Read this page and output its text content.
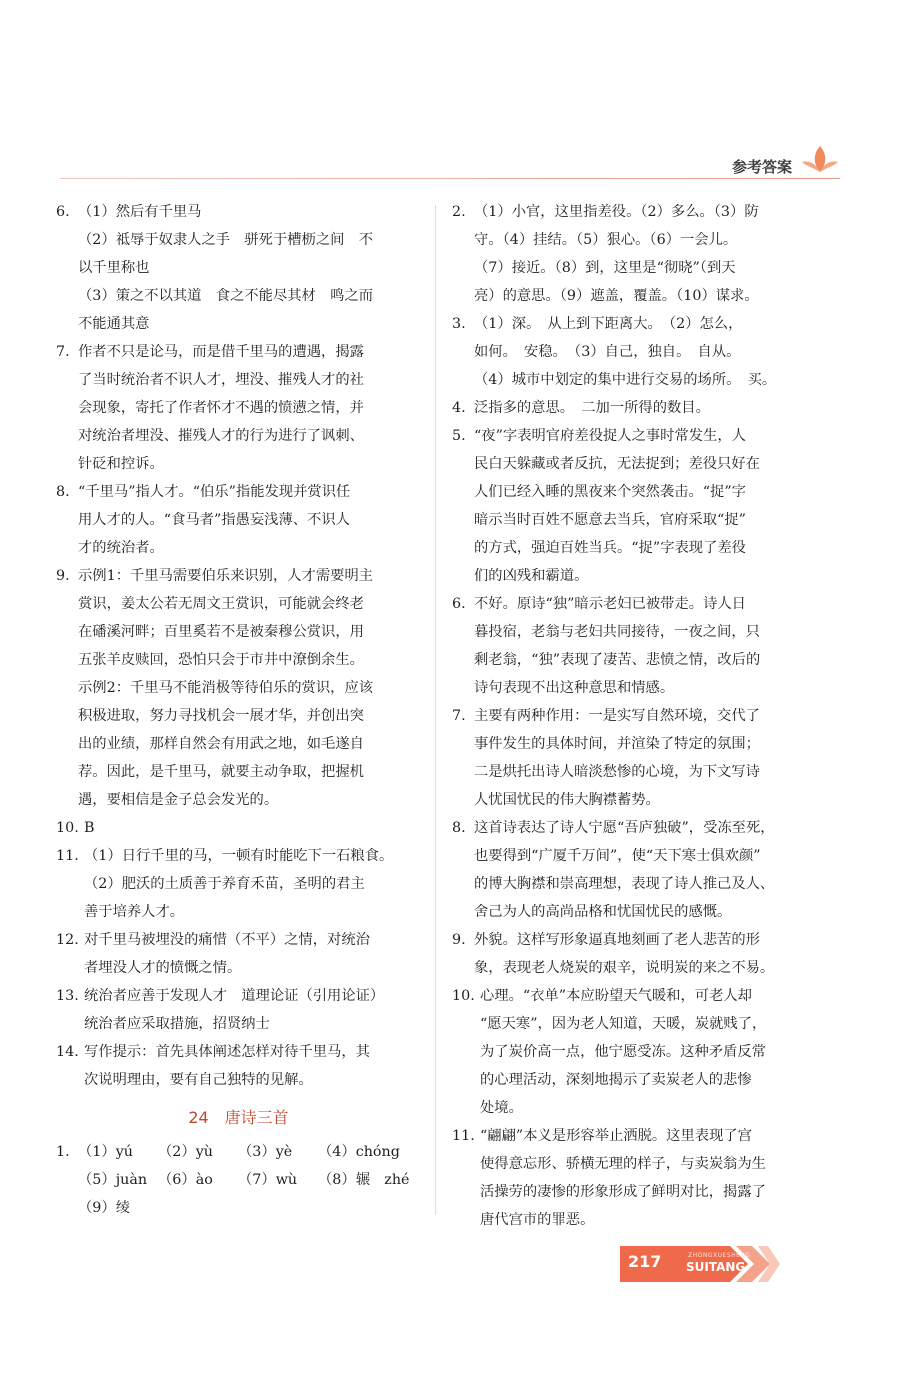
参考答案
6. （1）然后有千里马
（2）祗辱于奴隶人之手　骈死于槽枥之间　不
以千里称也
（3）策之不以其道　食之不能尽其材　鸣之而
不能通其意
7. 作者不只是论马，而是借千里马的遭遇，揭露
了当时统治者不识人才，埋没、摧残人才的社
会现象，寄托了作者怀才不遇的愤懑之情，并
对统治者埋没、摧残人才的行为进行了讽刺、
针砭和控诉。
8. “千里马”指人才。“伯乐”指能发现并赏识任
用人才的人。“食马者”指愚妄浅薄、不识人
才的统治者。
9. 示例1：千里马需要伯乐来识别，人才需要明主
赏识，姜太公若无周文王赏识，可能就会终老
在磻溪河畔；百里奚若不是被秦穆公赏识，用
五张羊皮赎回，恐怕只会于市井中潦倒余生。
示例2：千里马不能消极等待伯乐的赏识，应该
积极进取，努力寻找机会一展才华，并创出突
出的业绩，那样自然会有用武之地，如毛遂自
荐。因此，是千里马，就要主动争取，把握机
遇，要相信是金子总会发光的。
10. B
11. （1）日行千里的马，一顿有时能吃下一石粮食。
（2）肥沃的土质善于养育禾苗，圣明的君主
善于培养人才。
12. 对千里马被埋没的痛惜（不平）之情，对统治
者埋没人才的愤慨之情。
13. 统治者应善于发现人才　道理论证（引用论证）
统治者应采取措施，招贤纳士
14. 写作提示：首先具体阐述怎样对待千里马，其
次说明理由，要有自己独特的见解。
24　唐诗三首
1. （1）yú	（2）yù	（3）yè	（4）chóng
（5）juàn （6）ào	（7）wù	（8）辗　zhé
（9）绫
2. （1）小官，这里指差役。（2）多么。（3）防
守。（4）挂结。（5）狠心。（6）一会儿。
（7）接近。（8）到，这里是“彻晓”（到天
亮）的意思。（9）遮盖，覆盖。（10）谋求。
3. （1）深。　从上到下距离大。　（2）怎么，
如何。　安稳。　（3）自己，独自。　自从。
（4）城市中划定的集中进行交易的场所。　买。
4. 泛指多的意思。　二加一所得的数目。
5. “夜”字表明官府差役捉人之事时常发生，人
民白天躲藏或者反抗，无法捉到；差役只好在
人们已经入睡的黑夜来个突然袭击。“捉”字
暗示当时百姓不愿意去当兵，官府采取“捉”
的方式，强迫百姓当兵。“捉”字表现了差役
们的凶残和霸道。
6. 不好。原诗“独”暗示老妇已被带走。诗人日
暮投宿，老翁与老妇共同接待，一夜之间，只
剩老翁，“独”表现了凄苦、悲愤之情，改后的
诗句表现不出这种意思和情感。
7. 主要有两种作用：一是实写自然环境，交代了
事件发生的具体时间，并渲染了特定的氛围；
二是烘托出诗人暗淡愁惨的心境，为下文写诗
人忧国忧民的伟大胸襟蓄势。
8. 这首诗表达了诗人宁愿“吾庐独破”，受冻至死，
也要得到“广厦千万间”，使“天下寒士俱欢颜”
的博大胸襟和崇高理想，表现了诗人推己及人、
舍己为人的高尚品格和忧国忧民的感慨。
9. 外貌。这样写形象逼真地刻画了老人悲苦的形
象，表现老人烧炭的艰辛，说明炭的来之不易。
10. 心理。“衣单”本应盼望天气暖和，可老人却
“愿天寒”，因为老人知道，天暖，炭就贱了，
为了炭价高一点，他宁愿受冻。这种矛盾反常
的心理活动，深刻地揭示了卖炭老人的悲惨
处境。
11. “翩翩”本义是形容举止洒脱。这里表现了宫
使得意忘形、骄横无理的样子，与卖炭翁为生
活操劳的凄惨的形象形成了鲜明对比，揭露了
唐代宫市的罪恶。
217	ZHONGXUESHENG
SUITANG
